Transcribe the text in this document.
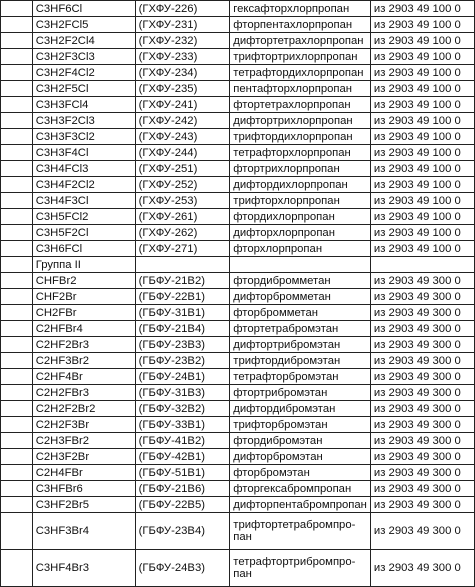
	C3HF6Cl	(ГХФУ-226)	гексафторхлорпропан	из 2903 49 100 0
	C3H2FCl5	(ГХФУ-231)	фторпентахлорпропан	из 2903 49 100 0
	C3H2F2Cl4	(ГХФУ-232)	дифтортетрахлорпропан	из 2903 49 100 0
	C3H2F3Cl3	(ГХФУ-233)	трифтортрихлорпропан	из 2903 49 100 0
	C3H2F4Cl2	(ГХФУ-234)	тетрафтордихлорпропан	из 2903 49 100 0
	C3H2F5Cl	(ГХФУ-235)	пентафторхлорпропан	из 2903 49 100 0
	C3H3FCl4	(ГХФУ-241)	фтортетрахлорпропан	из 2903 49 100 0
	C3H3F2Cl3	(ГХФУ-242)	дифтортрихлорпропан	из 2903 49 100 0
	C3H3F3Cl2	(ГХФУ-243)	трифтордихлорпропан	из 2903 49 100 0
	C3H3F4Cl	(ГХФУ-244)	тетрафторхлорпропан	из 2903 49 100 0
	C3H4FCl3	(ГХФУ-251)	фтортрихлорпропан	из 2903 49 100 0
	C3H4F2Cl2	(ГХФУ-252)	дифтордихлорпропан	из 2903 49 100 0
	C3H4F3Cl	(ГХФУ-253)	трифторхлорпропан	из 2903 49 100 0
	C3H5FCl2	(ГХФУ-261)	фтордихлорпропан	из 2903 49 100 0
	C3H5F2Cl	(ГХФУ-262)	дифторхлорпропан	из 2903 49 100 0
	C3H6FCl	(ГХФУ-271)	фторхлорпропан	из 2903 49 100 0
	Группа II			
	CHFBr2	(ГБФУ-21В2)	фтордибромметан	из 2903 49 300 0
	CHF2Br	(ГБФУ-22В1)	дифторбромметан	из 2903 49 300 0
	CH2FBr	(ГБФУ-31В1)	фторбромметан	из 2903 49 300 0
	C2HFBr4	(ГБФУ-21В4)	фтортетрабромэтан	из 2903 49 300 0
	C2HF2Br3	(ГБФУ-23В3)	дифтортрибромэтан	из 2903 49 300 0
	C2HF3Br2	(ГБФУ-23В2)	трифтордибромэтан	из 2903 49 300 0
	C2HF4Br	(ГБФУ-24В1)	тетрафторбромэтан	из 2903 49 300 0
	C2H2FBr3	(ГБФУ-31В3)	фтортрибромэтан	из 2903 49 300 0
	C2H2F2Br2	(ГБФУ-32В2)	дифтордибромэтан	из 2903 49 300 0
	C2H2F3Br	(ГБФУ-33В1)	трифторбромэтан	из 2903 49 300 0
	C2H3FBr2	(ГБФУ-41В2)	фтордибромэтан	из 2903 49 300 0
	C2H3F2Br	(ГБФУ-42В1)	дифторбромэтан	из 2903 49 300 0
	C2H4FBr	(ГБФУ-51В1)	фторбромэтан	из 2903 49 300 0
	C3HFBr6	(ГБФУ-21В6)	фторгексабромпропан	из 2903 49 300 0
	C3HF2Br5	(ГБФУ-22В5)	дифторпентабромпропан	из 2903 49 300 0
	C3HF3Br4	(ГБФУ-23В4)	трифтортетрабромпро-пан	из 2903 49 300 0
	C3HF4Br3	(ГБФУ-24В3)	тетрафтортрибромпро-пан	из 2903 49 300 0
